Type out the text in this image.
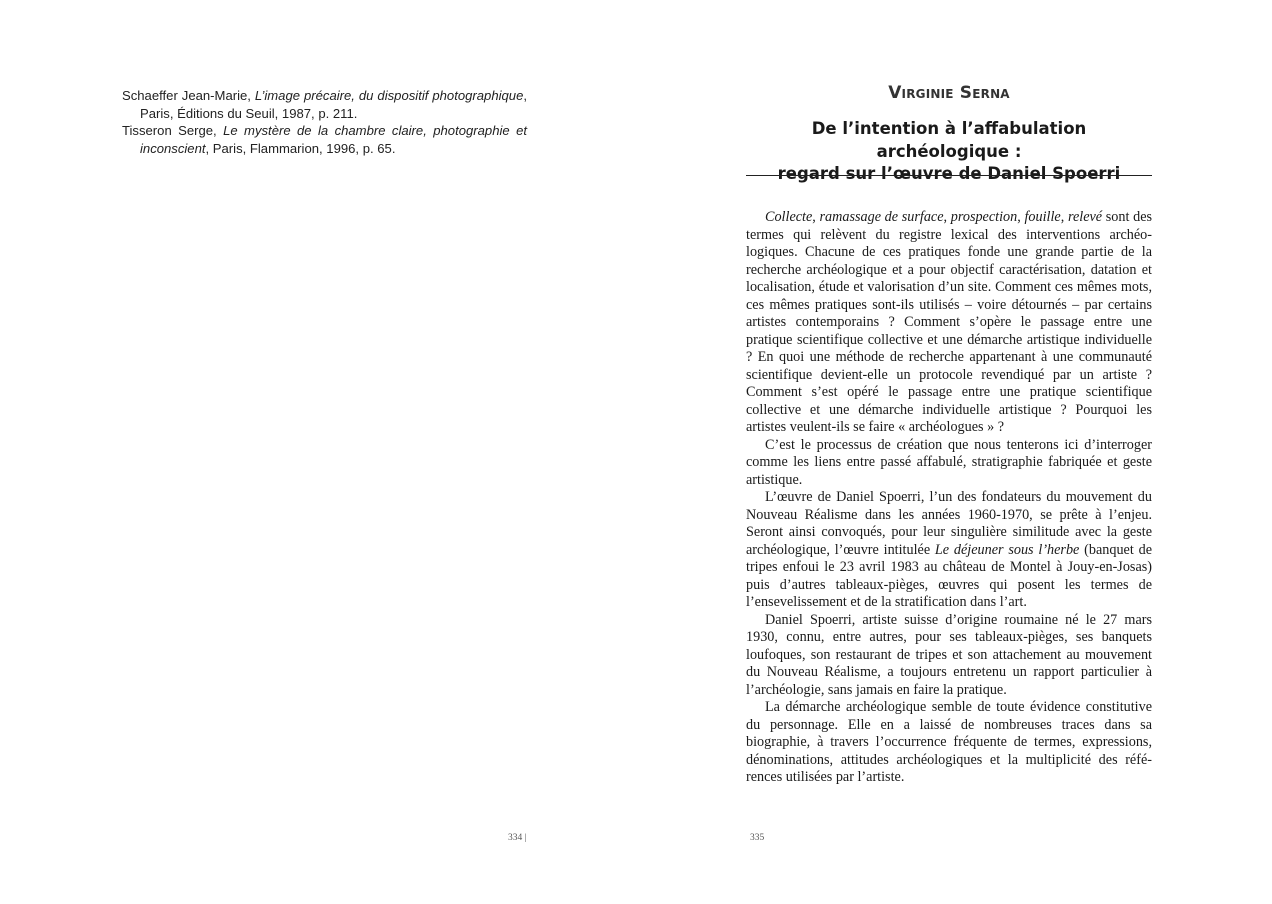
Schaeffer Jean-Marie, L’image précaire, du dispositif photographique, Paris, Éditions du Seuil, 1987, p. 211.

Tisseron Serge, Le mystère de la chambre claire, photographie et inconscient, Paris, Flammarion, 1996, p. 65.

334 |
Virginie Serna
De l’intention à l’affabulation archéologique :
regard sur l’œuvre de Daniel Spoerri

Collecte, ramassage de surface, prospection, fouille, relevé sont des termes qui relèvent du registre lexical des interventions archéologiques. Chacune de ces pratiques fonde une grande partie de la recherche archéologique et a pour objectif caractérisation, datation et localisation, étude et valorisation d’un site. Comment ces mêmes mots, ces mêmes pratiques sont-ils utilisés – voire détournés – par certains artistes contemporains ? Comment s’opère le passage entre une pratique scientifique collective et une démarche artistique individuelle ? En quoi une méthode de recherche appartenant à une communauté scientifique devient-elle un protocole revendiqué par un artiste ? Comment s’est opéré le passage entre une pratique scientifique collective et une démarche individuelle artistique ? Pourquoi les artistes veulent-ils se faire « archéologues » ?

C’est le processus de création que nous tenterons ici d’interroger comme les liens entre passé affabulé, stratigraphie fabriquée et geste artistique.

L’œuvre de Daniel Spoerri, l’un des fondateurs du mouvement du Nouveau Réalisme dans les années 1960-1970, se prête à l’enjeu. Seront ainsi convoqués, pour leur singulière similitude avec la geste archéologique, l’œuvre intitulée Le déjeuner sous l’herbe (banquet de tripes enfoui le 23 avril 1983 au château de Montel à Jouy-en-Josas) puis d’autres tableaux-pièges, œuvres qui posent les termes de l’ensevelissement et de la stratification dans l’art.

Daniel Spoerri, artiste suisse d’origine roumaine né le 27 mars 1930, connu, entre autres, pour ses tableaux-pièges, ses banquets loufoques, son restaurant de tripes et son attachement au mouvement du Nouveau Réalisme, a toujours entretenu un rapport particulier à l’archéologie, sans jamais en faire la pratique.

La démarche archéologique semble de toute évidence constitutive du personnage. Elle en a laissé de nombreuses traces dans sa biographie, à travers l’occurrence fréquente de termes, expressions, dénominations, attitudes archéologiques et la multiplicité des références utilisées par l’artiste.

335
